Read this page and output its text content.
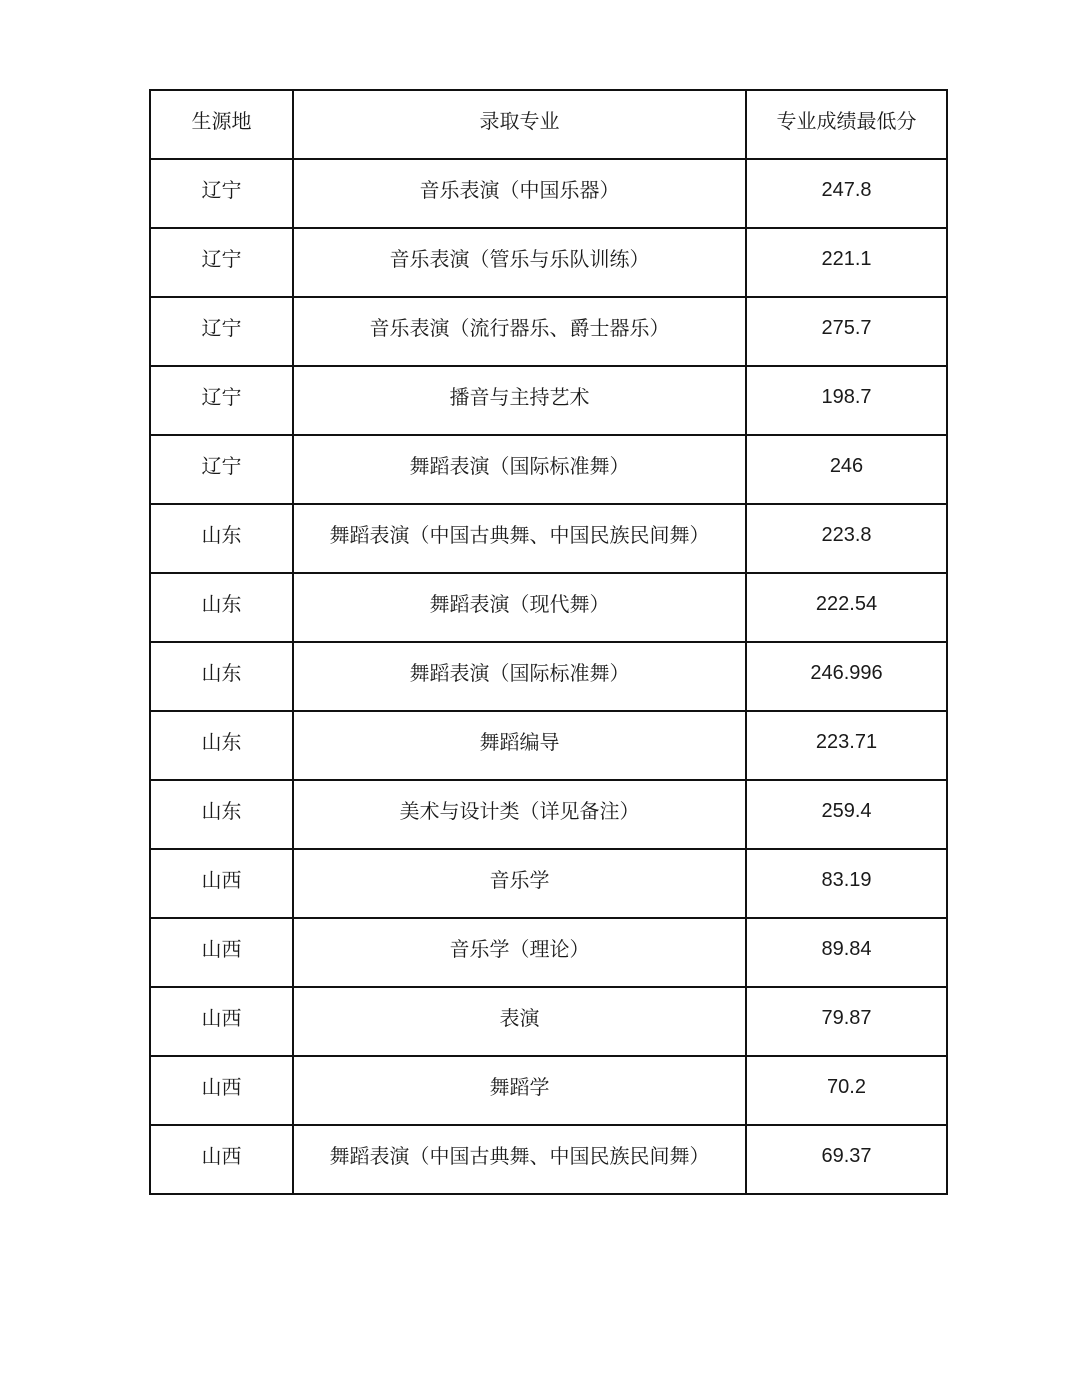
生源地	录取专业	专业成绩最低分
辽宁	音乐表演（中国乐器）	247.8
辽宁	音乐表演（管乐与乐队训练）	221.1
辽宁	音乐表演（流行器乐、爵士器乐）	275.7
辽宁	播音与主持艺术	198.7
辽宁	舞蹈表演（国际标准舞）	246
山东	舞蹈表演（中国古典舞、中国民族民间舞）	223.8
山东	舞蹈表演（现代舞）	222.54
山东	舞蹈表演（国际标准舞）	246.996
山东	舞蹈编导	223.71
山东	美术与设计类（详见备注）	259.4
山西	音乐学	83.19
山西	音乐学（理论）	89.84
山西	表演	79.87
山西	舞蹈学	70.2
山西	舞蹈表演（中国古典舞、中国民族民间舞）	69.37
